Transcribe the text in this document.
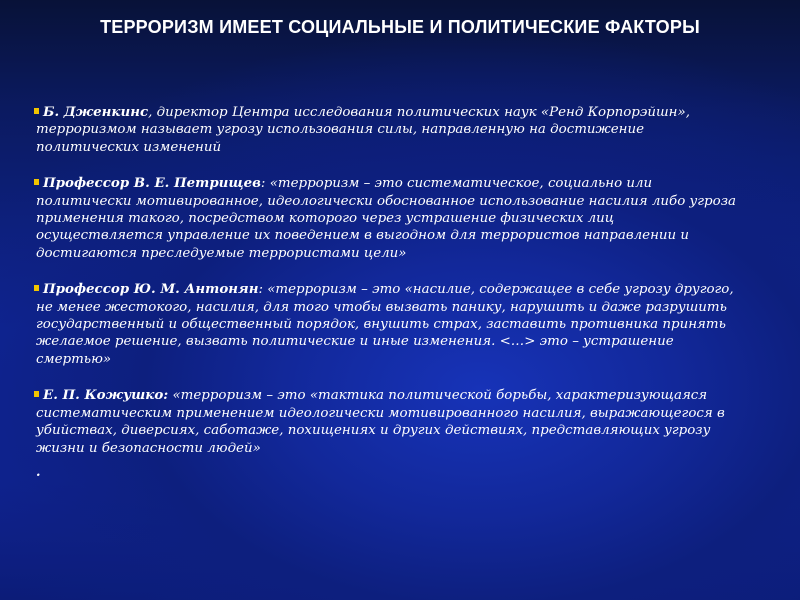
ТЕРРОРИЗМ ИМЕЕТ СОЦИАЛЬНЫЕ И ПОЛИТИЧЕСКИЕ ФАКТОРЫ
Б. Дженкинс, директор Центра исследования политических наук «Ренд Корпорэйшн», терроризмом называет угрозу использования силы, направленную на достижение политических изменений
Профессор В. Е. Петрищев: «терроризм – это систематическое, социально или политически мотивированное, идеологически обоснованное использование насилия либо угроза применения такого, посредством которого через устрашение физических лиц осуществляется управление их поведением в выгодном для террористов направлении и достигаются преследуемые террористами цели»
Профессор Ю. М. Антонян: «терроризм – это «насилие, содержащее в себе угрозу другого, не менее жестокого, насилия, для того чтобы вызвать панику, нарушить и даже разрушить государственный и общественный порядок, внушить страх, заставить противника принять желаемое решение, вызвать политические и иные изменения. <…> это – устрашение смертью»
Е. П. Кожушко: «терроризм – это «тактика политической борьбы, характеризующаяся систематическим применением идеологически мотивированного насилия, выражающегося в убийствах, диверсиях, саботаже, похищениях и других действиях, представляющих угрозу жизни и безопасности людей»
.
